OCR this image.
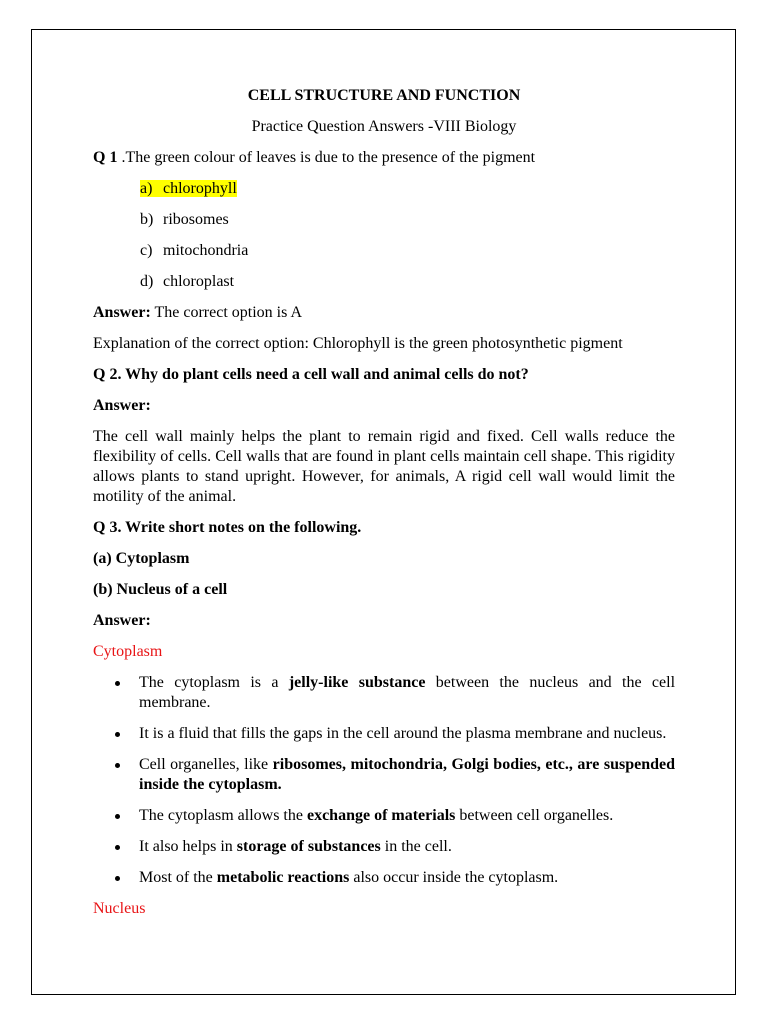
CELL STRUCTURE AND FUNCTION
Practice Question Answers -VIII Biology
Q 1 .The green colour of leaves is due to the presence of the pigment
a) chlorophyll
b) ribosomes
c) mitochondria
d) chloroplast
Answer: The correct option is A
Explanation of the correct option: Chlorophyll is the green photosynthetic pigment
Q 2. Why do plant cells need a cell wall and animal cells do not?
Answer:
The cell wall mainly helps the plant to remain rigid and fixed. Cell walls reduce the flexibility of cells. Cell walls that are found in plant cells maintain cell shape. This rigidity allows plants to stand upright. However, for animals, A rigid cell wall would limit the motility of the animal.
Q 3. Write short notes on the following.
(a) Cytoplasm
(b) Nucleus of a cell
Answer:
Cytoplasm
The cytoplasm is a jelly-like substance between the nucleus and the cell membrane.
It is a fluid that fills the gaps in the cell around the plasma membrane and nucleus.
Cell organelles, like ribosomes, mitochondria, Golgi bodies, etc., are suspended inside the cytoplasm.
The cytoplasm allows the exchange of materials between cell organelles.
It also helps in storage of substances in the cell.
Most of the metabolic reactions also occur inside the cytoplasm.
Nucleus
